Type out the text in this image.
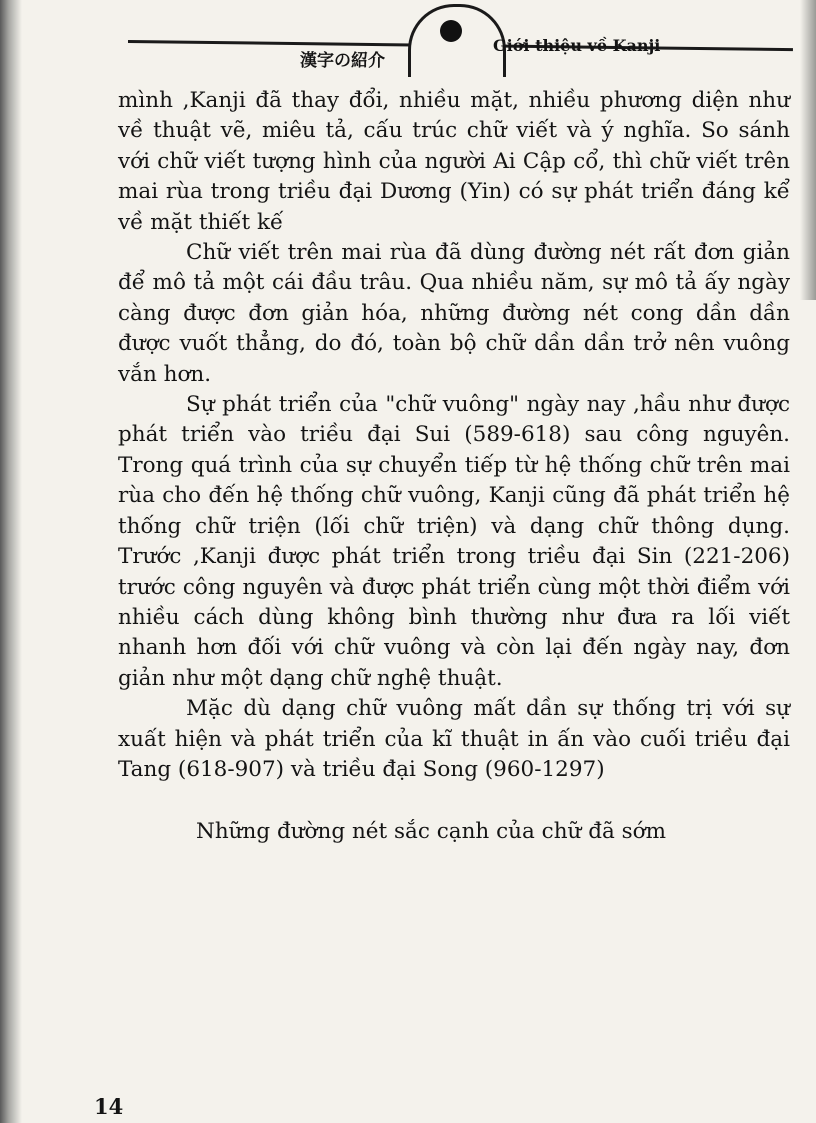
漢字の紹介
Giới thiệu về Kanji

mình ,Kanji đã thay đổi, nhiều mặt, nhiều phương diện như về thuật vẽ, miêu tả, cấu trúc chữ viết và ý nghĩa. So sánh với chữ viết tượng hình của người Ai Cập cổ, thì chữ viết trên mai rùa trong triều đại Dương (Yin) có sự phát triển đáng kể về mặt thiết kế

Chữ viết trên mai rùa đã dùng đường nét rất đơn giản để mô tả một cái đầu trâu. Qua nhiều năm, sự mô tả ấy ngày càng được đơn giản hóa, những đường nét cong dần dần được vuốt thẳng, do đó, toàn bộ chữ dần dần trở nên vuông vắn hơn.

Sự phát triển của "chữ vuông" ngày nay ,hầu như được phát triển vào triều đại Sui (589-618) sau công nguyên. Trong quá trình của sự chuyển tiếp từ hệ thống chữ trên mai rùa cho đến hệ thống chữ vuông, Kanji cũng đã phát triển hệ thống chữ triện (lối chữ triện) và dạng chữ thông dụng. Trước ,Kanji được phát triển trong triều đại Sin (221-206) trước công nguyên và được phát triển cùng một thời điểm với nhiều cách dùng không bình thường như đưa ra lối viết nhanh hơn đối với chữ vuông và còn lại đến ngày nay, đơn giản như một dạng chữ nghệ thuật.

Mặc dù dạng chữ vuông mất dần sự thống trị với sự xuất hiện và phát triển của kĩ thuật in ấn vào cuối triều đại Tang (618-907) và triều đại Song (960-1297)

Những đường nét sắc cạnh của chữ đã sớm

14
